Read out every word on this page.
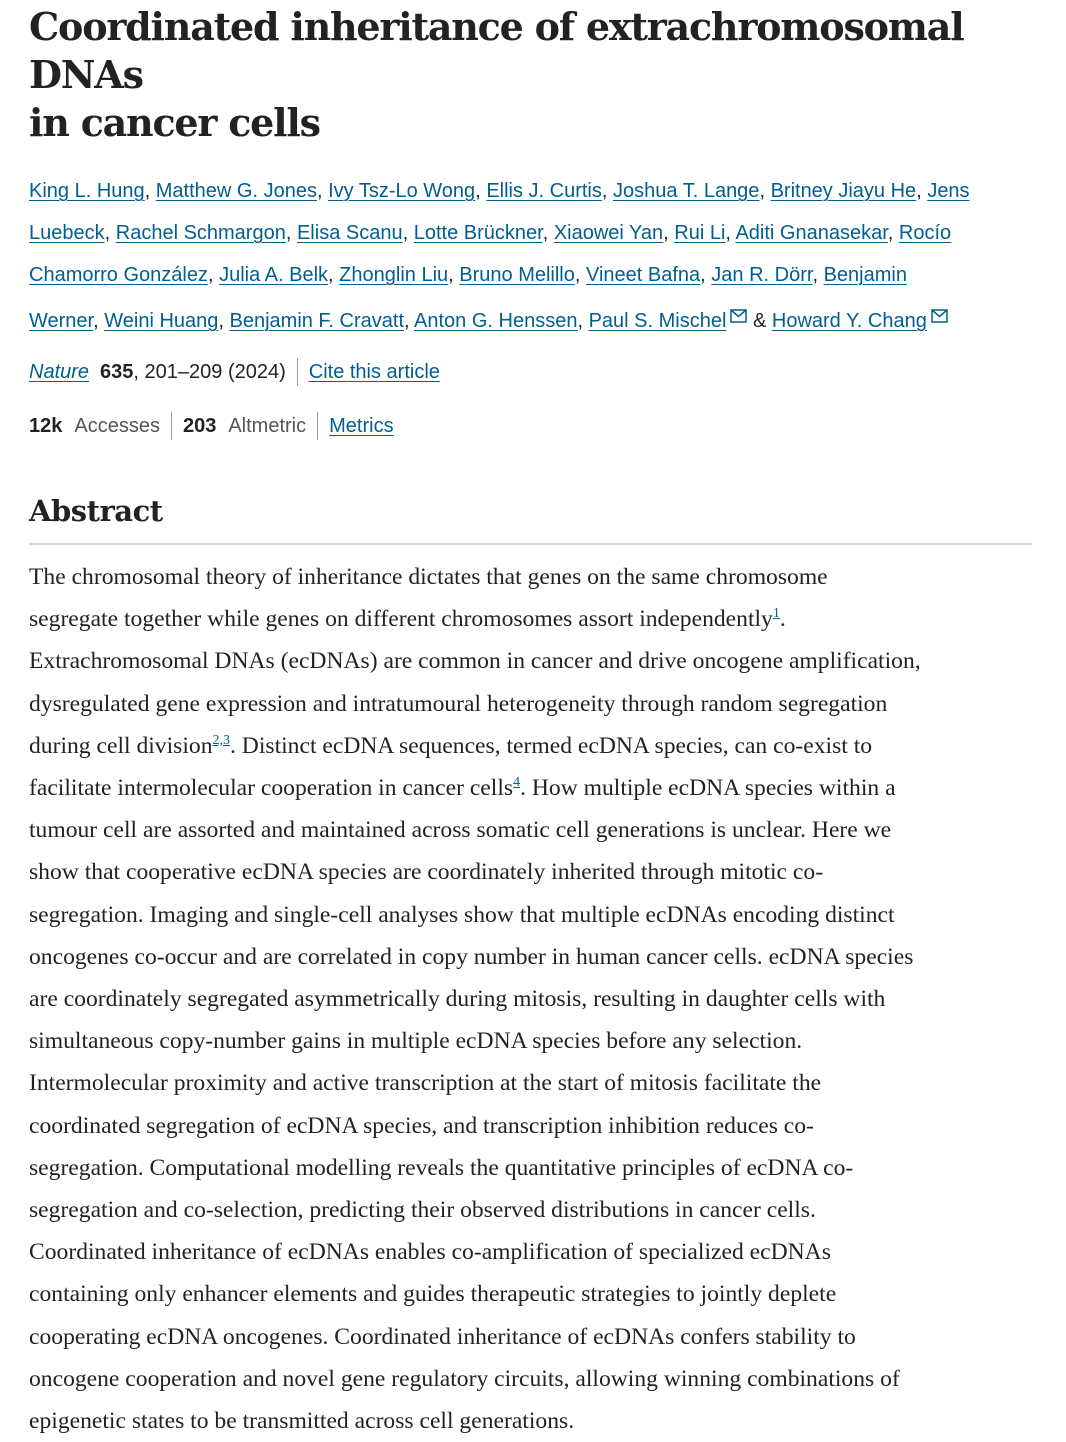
Coordinated inheritance of extrachromosomal DNAs
in cancer cells
King L. Hung, Matthew G. Jones, Ivy Tsz-Lo Wong, Ellis J. Curtis, Joshua T. Lange, Britney Jiayu He, Jens Luebeck, Rachel Schmargon, Elisa Scanu, Lotte Brückner, Xiaowei Yan, Rui Li, Aditi Gnanasekar, Rocío Chamorro González, Julia A. Belk, Zhonglin Liu, Bruno Melillo, Vineet Bafna, Jan R. Dörr, Benjamin Werner, Weini Huang, Benjamin F. Cravatt, Anton G. Henssen, Paul S. Mischel & Howard Y. Chang
Nature 635 , 201–209 (2024) Cite this article
12k Accesses 203 Altmetric Metrics
Abstract

The chromosomal theory of inheritance dictates that genes on the same chromosome
segregate together while genes on different chromosomes assort independently$^1$.
Extrachromosomal DNAs (ecDNAs) are common in cancer and drive oncogene amplification,
dysregulated gene expression and intratumoural heterogeneity through random segregation
during cell division$^{2,3}$. Distinct ecDNA sequences, termed ecDNA species, can co-exist to
facilitate intermolecular cooperation in cancer cells$^4$. How multiple ecDNA species within a
tumour cell are assorted and maintained across somatic cell generations is unclear. Here we
show that cooperative ecDNA species are coordinately inherited through mitotic co-
segregation. Imaging and single-cell analyses show that multiple ecDNAs encoding distinct
oncogenes co-occur and are correlated in copy number in human cancer cells. ecDNA species
are coordinately segregated asymmetrically during mitosis, resulting in daughter cells with
simultaneous copy-number gains in multiple ecDNA species before any selection.
Intermolecular proximity and active transcription at the start of mitosis facilitate the
coordinated segregation of ecDNA species, and transcription inhibition reduces co-
segregation. Computational modelling reveals the quantitative principles of ecDNA co-
segregation and co-selection, predicting their observed distributions in cancer cells.
Coordinated inheritance of ecDNAs enables co-amplification of specialized ecDNAs
containing only enhancer elements and guides therapeutic strategies to jointly deplete
cooperating ecDNA oncogenes. Coordinated inheritance of ecDNAs confers stability to
oncogene cooperation and novel gene regulatory circuits, allowing winning combinations of
epigenetic states to be transmitted across cell generations.
